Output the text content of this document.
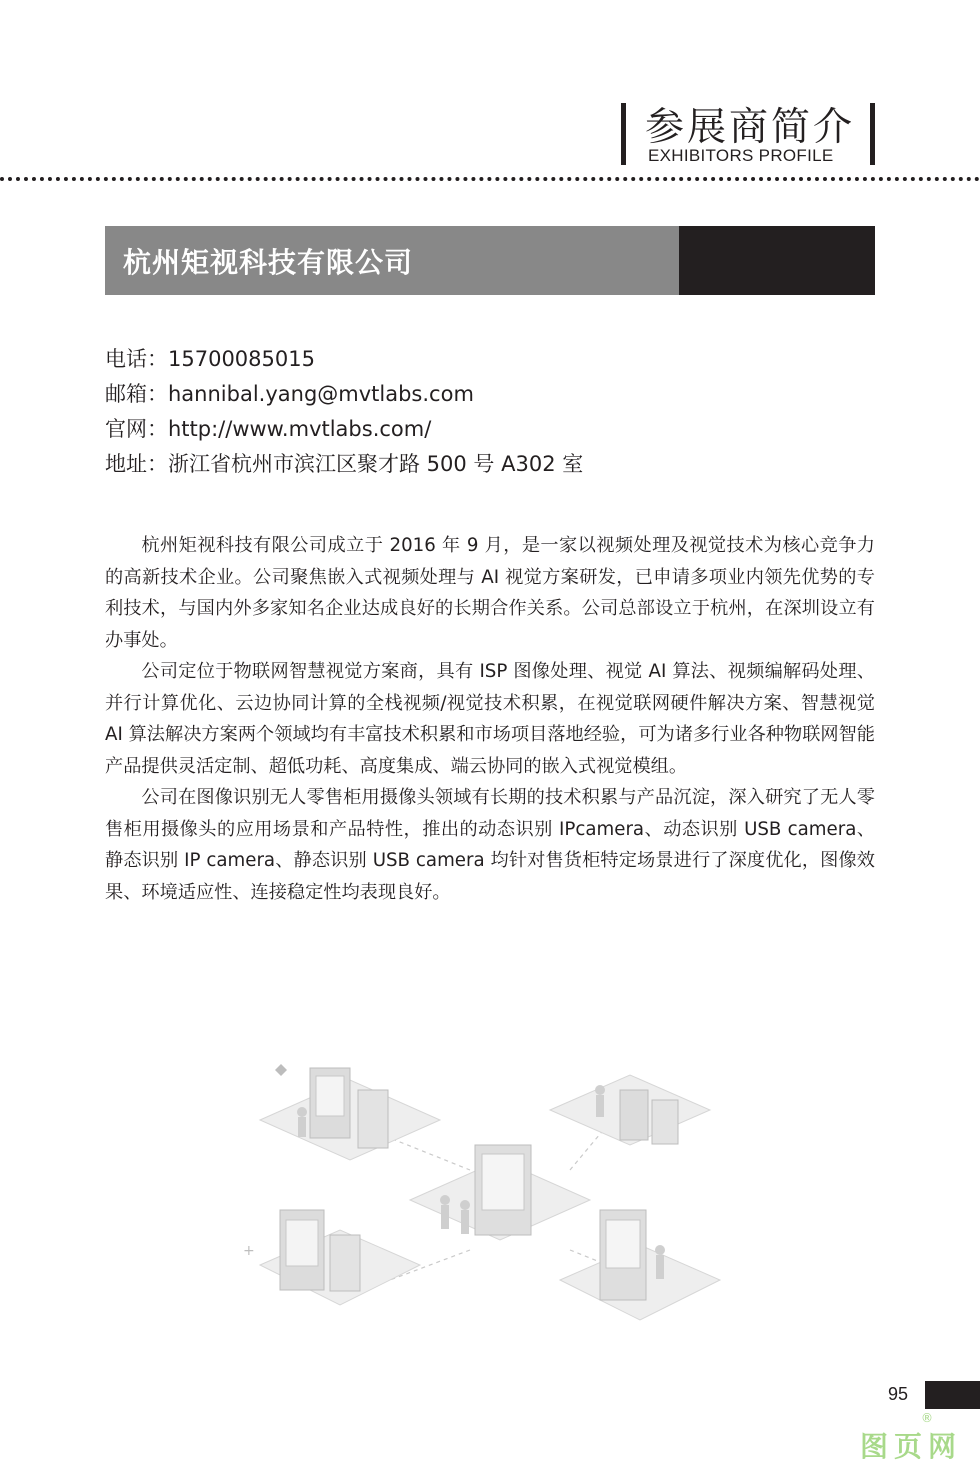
参展商简介
EXHIBITORS PROFILE
杭州矩视科技有限公司
电话：15700085015
邮箱：hannibal.yang@mvtlabs.com
官网：http://www.mvtlabs.com/
地址：浙江省杭州市滨江区聚才路 500 号 A302 室

杭州矩视科技有限公司成立于 2016 年 9 月，是一家以视频处理及视觉技术为核心竞争力的高新技术企业。公司聚焦嵌入式视频处理与 AI 视觉方案研发，已申请多项业内领先优势的专利技术，与国内外多家知名企业达成良好的长期合作关系。公司总部设立于杭州，在深圳设立有办事处。

公司定位于物联网智慧视觉方案商，具有 ISP 图像处理、视觉 AI 算法、视频编解码处理、并行计算优化、云边协同计算的全栈视频/视觉技术积累，在视觉联网硬件解决方案、智慧视觉 AI 算法解决方案两个领域均有丰富技术积累和市场项目落地经验，可为诸多行业各种物联网智能产品提供灵活定制、超低功耗、高度集成、端云协同的嵌入式视觉模组。

公司在图像识别无人零售柜用摄像头领域有长期的技术积累与产品沉淀，深入研究了无人零售柜用摄像头的应用场景和产品特性，推出的动态识别 IPcamera、动态识别 USB camera、静态识别 IP camera、静态识别 USB camera 均针对售货柜特定场景进行了深度优化，图像效果、环境适应性、连接稳定性均表现良好。

+
95
®
图页网
